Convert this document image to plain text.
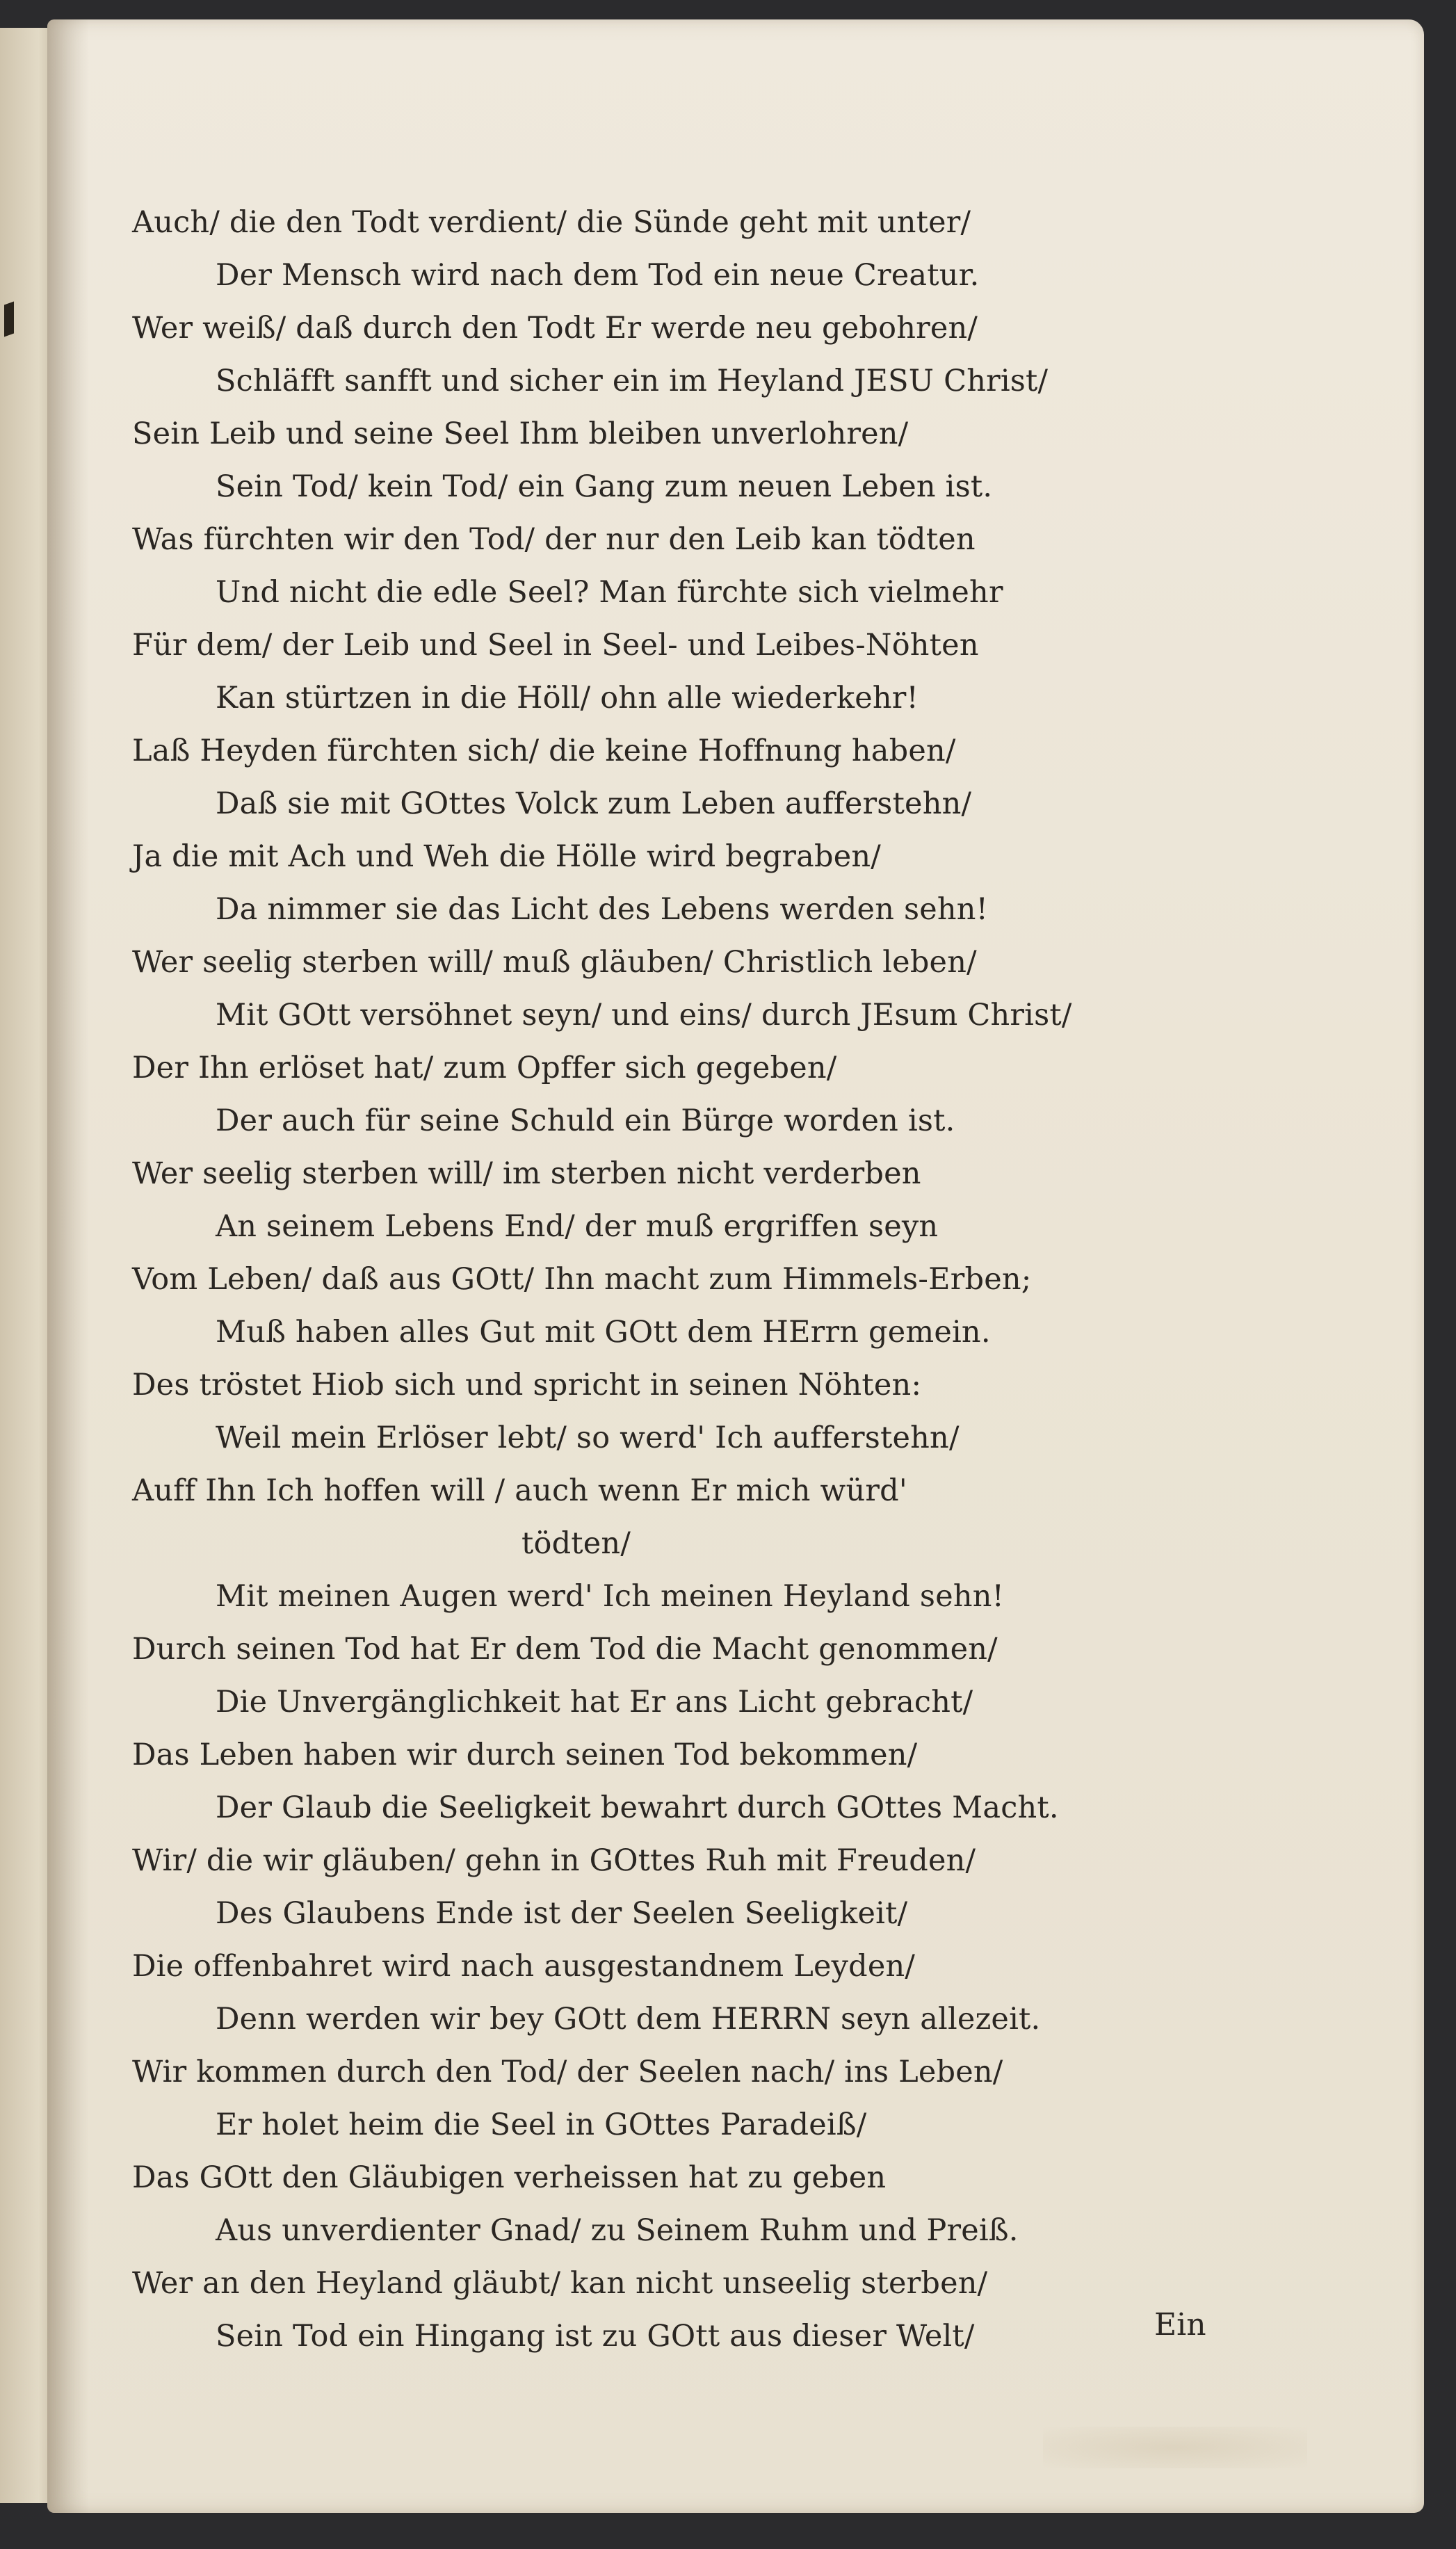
Auch/ die den Todt verdient/ die Sünde geht mit unter/
Der Mensch wird nach dem Tod ein neue Creatur.
Wer weiß/ daß durch den Todt Er werde neu gebohren/
Schläfft sanfft und sicher ein im Heyland JESU Christ/
Sein Leib und seine Seel Ihm bleiben unverlohren/
Sein Tod/ kein Tod/ ein Gang zum neuen Leben ist.
Was fürchten wir den Tod/ der nur den Leib kan tödten
Und nicht die edle Seel? Man fürchte sich vielmehr
Für dem/ der Leib und Seel in Seel- und Leibes-Nöhten
Kan stürtzen in die Höll/ ohn alle wiederkehr!
Laß Heyden fürchten sich/ die keine Hoffnung haben/
Daß sie mit GOttes Volck zum Leben aufferstehn/
Ja die mit Ach und Weh die Hölle wird begraben/
Da nimmer sie das Licht des Lebens werden sehn!
Wer seelig sterben will/ muß gläuben/ Christlich leben/
Mit GOtt versöhnet seyn/ und eins/ durch JEsum Christ/
Der Ihn erlöset hat/ zum Opffer sich gegeben/
Der auch für seine Schuld ein Bürge worden ist.
Wer seelig sterben will/ im sterben nicht verderben
An seinem Lebens End/ der muß ergriffen seyn
Vom Leben/ daß aus GOtt/ Ihn macht zum Himmels-Erben;
Muß haben alles Gut mit GOtt dem HErrn gemein.
Des tröstet Hiob sich und spricht in seinen Nöhten:
Weil mein Erlöser lebt/ so werd' Ich aufferstehn/
Auff Ihn Ich hoffen will / auch wenn Er mich würd'
tödten/
Mit meinen Augen werd' Ich meinen Heyland sehn!
Durch seinen Tod hat Er dem Tod die Macht genommen/
Die Unvergänglichkeit hat Er ans Licht gebracht/
Das Leben haben wir durch seinen Tod bekommen/
Der Glaub die Seeligkeit bewahrt durch GOttes Macht.
Wir/ die wir gläuben/ gehn in GOttes Ruh mit Freuden/
Des Glaubens Ende ist der Seelen Seeligkeit/
Die offenbahret wird nach ausgestandnem Leyden/
Denn werden wir bey GOtt dem HERRN seyn allezeit.
Wir kommen durch den Tod/ der Seelen nach/ ins Leben/
Er holet heim die Seel in GOttes Paradeiß/
Das GOtt den Gläubigen verheissen hat zu geben
Aus unverdienter Gnad/ zu Seinem Ruhm und Preiß.
Wer an den Heyland gläubt/ kan nicht unseelig sterben/
Sein Tod ein Hingang ist zu GOtt aus dieser Welt/	Ein
